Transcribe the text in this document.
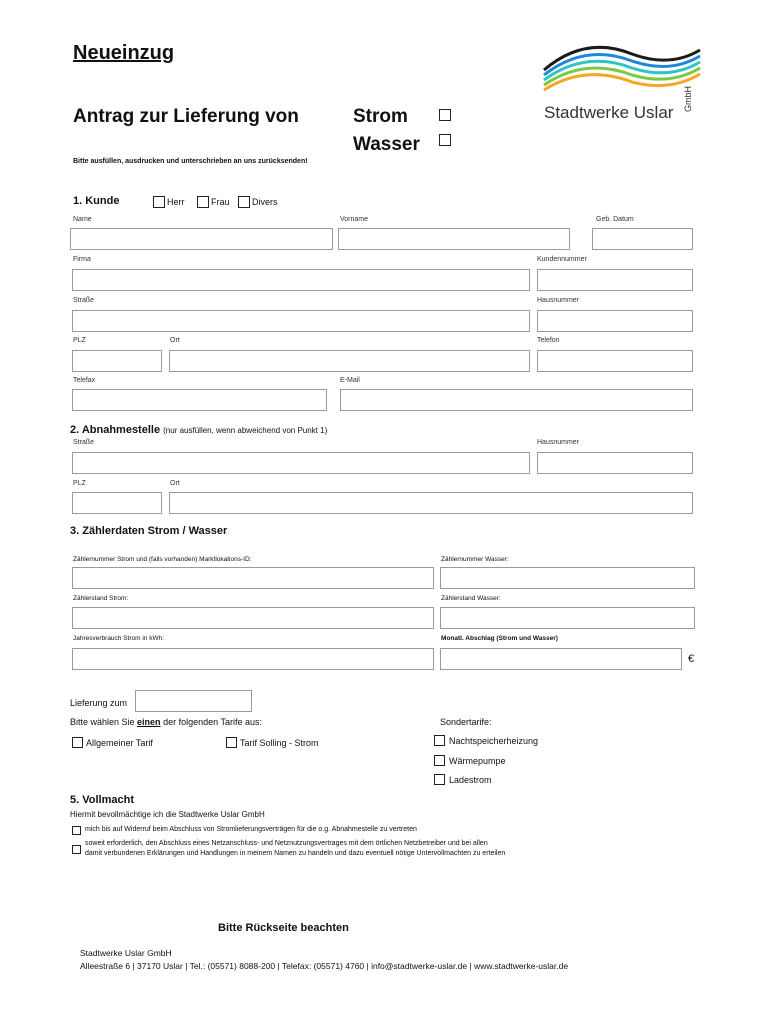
Neueinzug
Antrag zur Lieferung von	Strom
Wasser
Bitte ausfüllen, ausdrucken und unterschrieben an uns zurücksenden!
Stadtwerke Uslar
GmbH
1. Kunde	Herr	Frau Divers
Name	Vorname	Geb. Datum
Firma	Kundennummer
Straße	Hausnummer
PLZ	Ort	Telefon
Telefax	E-Mail
2. Abnahmestelle (nur ausfüllen, wenn abweichend von Punkt 1)
Straße	Hausnummer
PLZ	Ort
3. Zählerdaten Strom / Wasser
Zählernummer Strom und (falls vorhanden) Marktlokations-ID:	Zählernummer Wasser:
Zählerstand Strom:	Zählerstand Wasser:
Jahresverbrauch Strom in kWh:	Monatl. Abschlag (Strom und Wasser)
€
Lieferung zum
Bitte wählen Sie einen der folgenden Tarife aus:
Allgemeiner Tarif	Tarif Solling - Strom
Sondertarife:
Nachtspeicherheizung
Wärmepumpe
Ladestrom
5. Vollmacht
Hiermit bevollmächtige ich die Stadtwerke Uslar GmbH
mich bis auf Widerruf beim Abschluss von Stromlieferungsverträgen für die o.g. Abnahmestelle zu vertreten
soweit erforderlich, den Abschluss eines Netzanschluss- und Netznutzungsvertrages mit dem örtlichen Netzbetreiber und bei allen
damit verbundenen Erklärungen und Handlungen in meinem Namen zu handeln und dazu eventuell nötige Untervollmachten zu erteilen
Bitte Rückseite beachten
Stadtwerke Uslar GmbH
Alleestraße 6 | 37170 Uslar | Tel.: (05571) 8088-200 | Telefax: (05571) 4760 | info@stadtwerke-uslar.de | www.stadtwerke-uslar.de
